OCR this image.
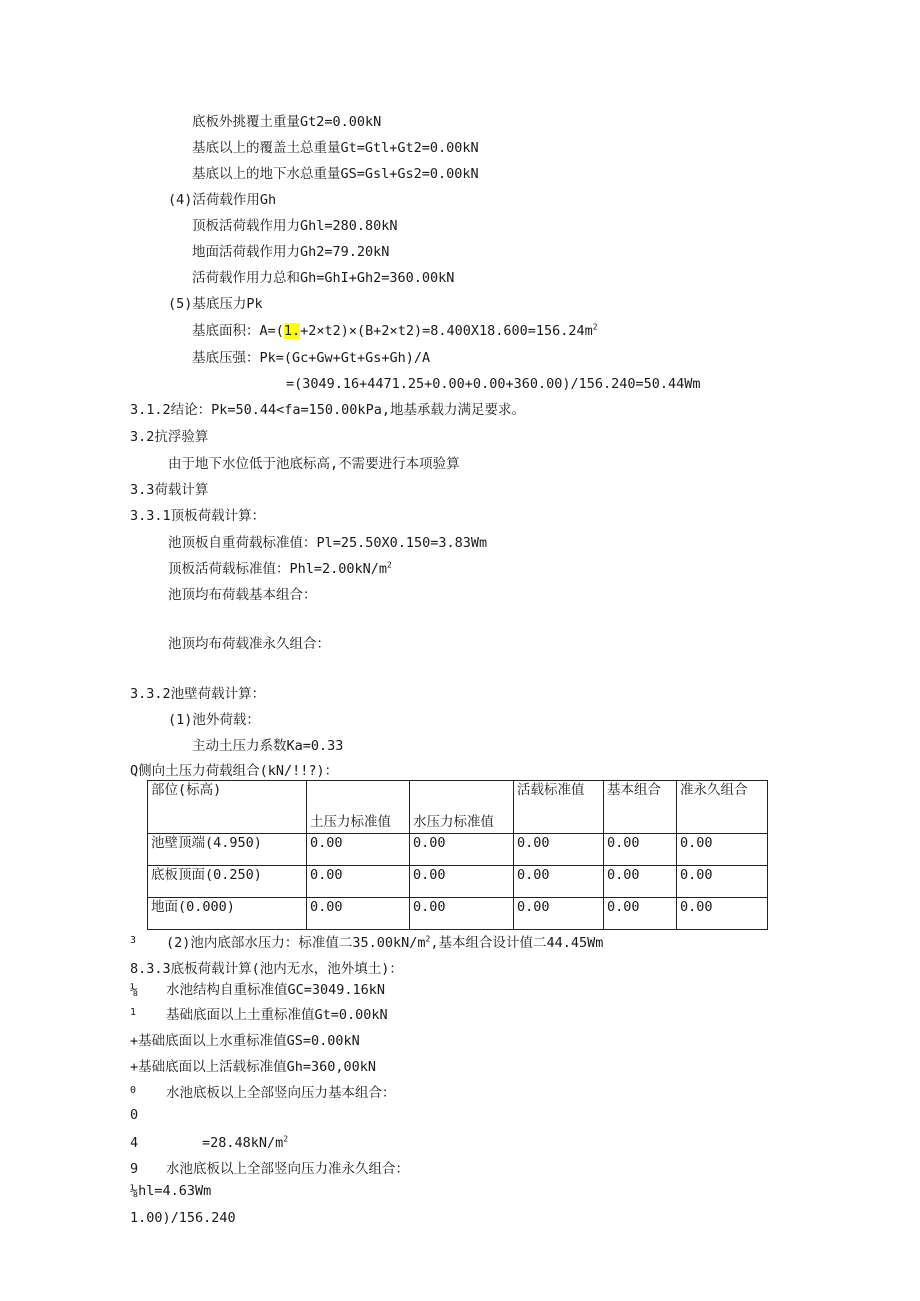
底板外挑覆土重量Gt2=0.00kN
基底以上的覆盖土总重量Gt=Gtl+Gt2=0.00kN
基底以上的地下水总重量GS=Gsl+Gs2=0.00kN
(4)活荷载作用Gh
顶板活荷载作用力Ghl=280.80kN
地面活荷载作用力Gh2=79.20kN
活荷载作用力总和Gh=GhI+Gh2=360.00kN
(5)基底压力Pk
基底面积：$A=(1.+2\times t2)\times(B+2\times t2)=8.400X18.600=156.24m^2$
基底压强：Pk=(Gc+Gw+Gt+Gs+Gh)/A
=(3049.16+4471.25+0.00+0.00+360.00)/156.240=50.44Wm
3.1.2结论：Pk=50.44<fa=150.00kPa,地基承载力满足要求。
3.2抗浮验算
由于地下水位低于池底标高,不需要进行本项验算
3.3荷载计算
3.3.1顶板荷载计算：
池顶板自重荷载标准值：Pl=25.50X0.150=3.83Wm
顶板活荷载标准值：$Phl=2.00kN/m^2$
池顶均布荷载基本组合：
池顶均布荷载准永久组合：
3.3.2池壁荷载计算：
(1)池外荷载：
主动土压力系数Ka=0.33
Q侧向土压力荷载组合(kN/!!?)：
部位(标高)	土压力标准值	水压力标准值	活载标准值	基本组合	准永久组合
池壁顶端(4.950)	0.00	0.00	0.00	0.00	0.00
底板顶面(0.250)	0.00	0.00	0.00	0.00	0.00
地面(0.000)	0.00	0.00	0.00	0.00	0.00
3 (2)池内底部水压力：标准值二$35.00kN/m^2$,基本组合设计值二44.45Wm
8.3.3底板荷载计算(池内无水，池外填土)：
⅛ 水池结构自重标准值GC=3049.16kN
1 基础底面以上土重标准值Gt=0.00kN
+基础底面以上水重标准值GS=0.00kN
+基础底面以上活载标准值Gh=360,00kN
0 水池底板以上全部竖向压力基本组合：
0
4	$=28.48kN/m^2$
9 水池底板以上全部竖向压力准永久组合：
⅛hl=4.63Wm
1.00)/156.240
